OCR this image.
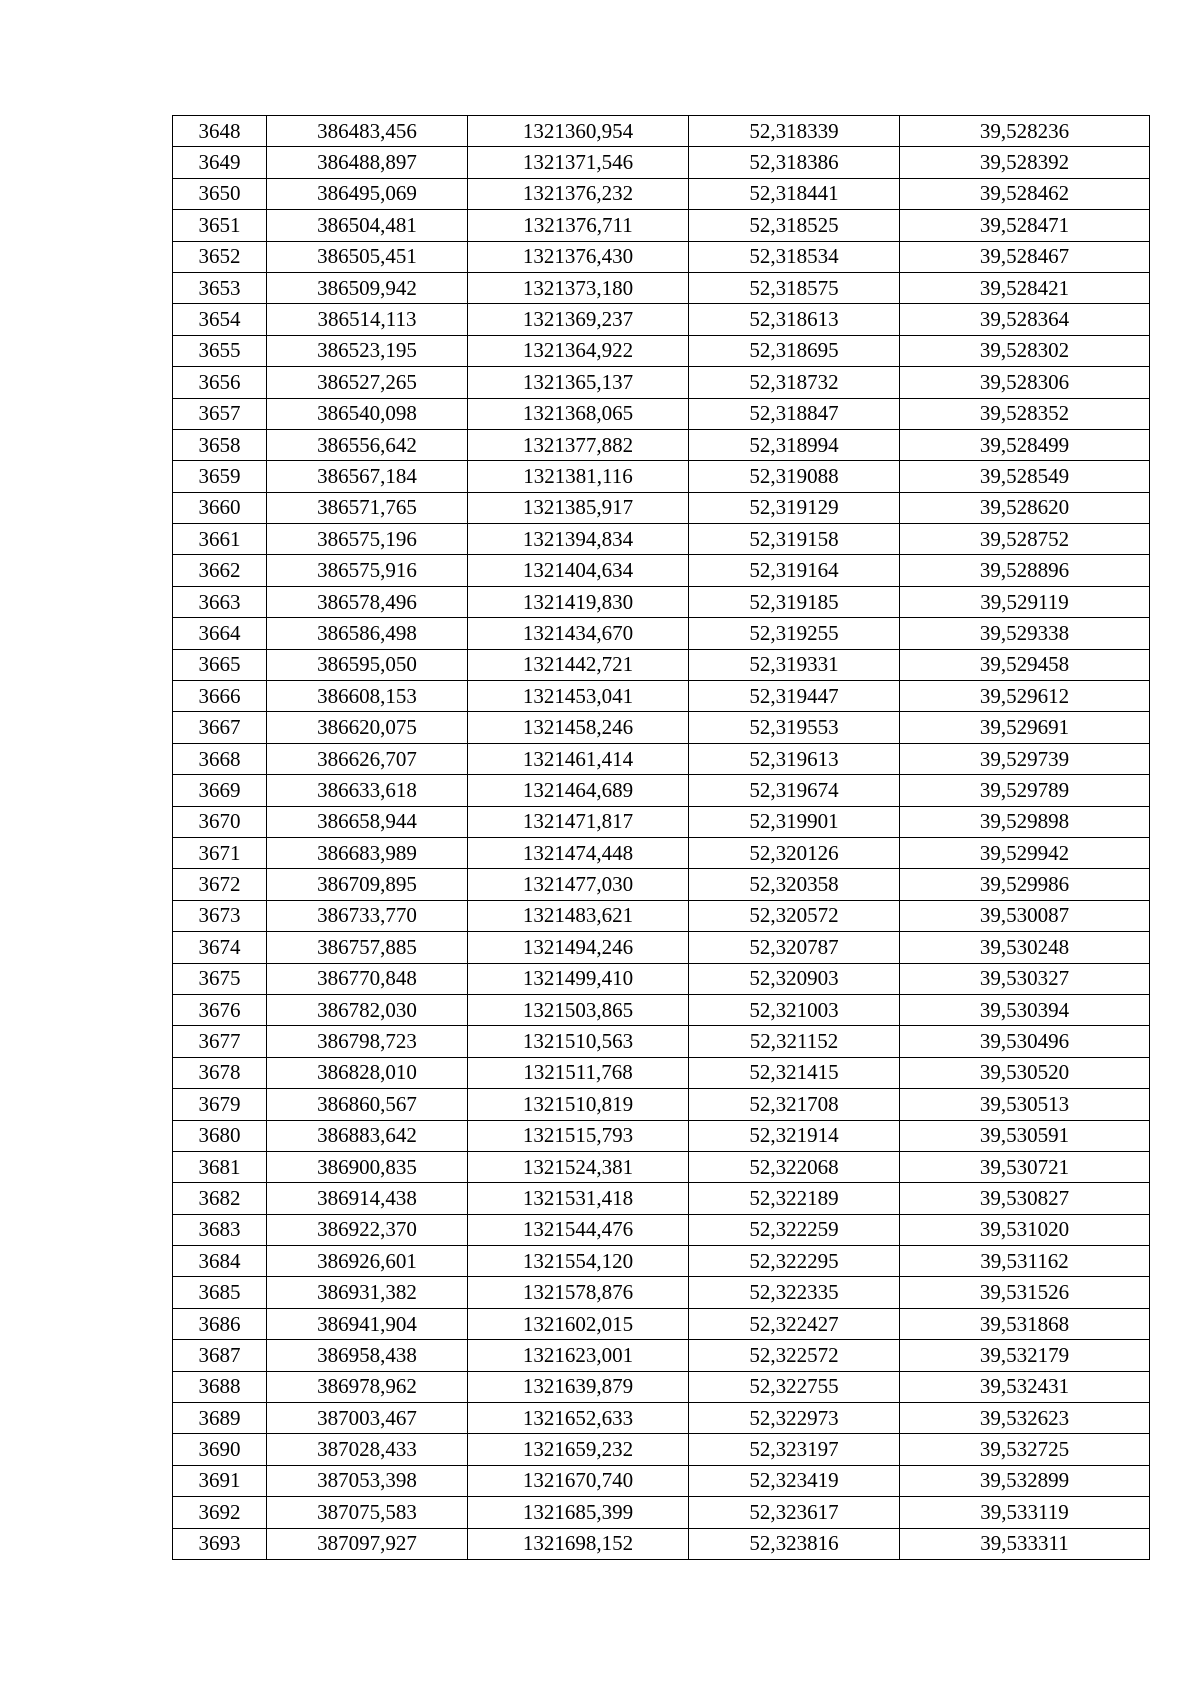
3648	386483,456	1321360,954	52,318339	39,528236
3649	386488,897	1321371,546	52,318386	39,528392
3650	386495,069	1321376,232	52,318441	39,528462
3651	386504,481	1321376,711	52,318525	39,528471
3652	386505,451	1321376,430	52,318534	39,528467
3653	386509,942	1321373,180	52,318575	39,528421
3654	386514,113	1321369,237	52,318613	39,528364
3655	386523,195	1321364,922	52,318695	39,528302
3656	386527,265	1321365,137	52,318732	39,528306
3657	386540,098	1321368,065	52,318847	39,528352
3658	386556,642	1321377,882	52,318994	39,528499
3659	386567,184	1321381,116	52,319088	39,528549
3660	386571,765	1321385,917	52,319129	39,528620
3661	386575,196	1321394,834	52,319158	39,528752
3662	386575,916	1321404,634	52,319164	39,528896
3663	386578,496	1321419,830	52,319185	39,529119
3664	386586,498	1321434,670	52,319255	39,529338
3665	386595,050	1321442,721	52,319331	39,529458
3666	386608,153	1321453,041	52,319447	39,529612
3667	386620,075	1321458,246	52,319553	39,529691
3668	386626,707	1321461,414	52,319613	39,529739
3669	386633,618	1321464,689	52,319674	39,529789
3670	386658,944	1321471,817	52,319901	39,529898
3671	386683,989	1321474,448	52,320126	39,529942
3672	386709,895	1321477,030	52,320358	39,529986
3673	386733,770	1321483,621	52,320572	39,530087
3674	386757,885	1321494,246	52,320787	39,530248
3675	386770,848	1321499,410	52,320903	39,530327
3676	386782,030	1321503,865	52,321003	39,530394
3677	386798,723	1321510,563	52,321152	39,530496
3678	386828,010	1321511,768	52,321415	39,530520
3679	386860,567	1321510,819	52,321708	39,530513
3680	386883,642	1321515,793	52,321914	39,530591
3681	386900,835	1321524,381	52,322068	39,530721
3682	386914,438	1321531,418	52,322189	39,530827
3683	386922,370	1321544,476	52,322259	39,531020
3684	386926,601	1321554,120	52,322295	39,531162
3685	386931,382	1321578,876	52,322335	39,531526
3686	386941,904	1321602,015	52,322427	39,531868
3687	386958,438	1321623,001	52,322572	39,532179
3688	386978,962	1321639,879	52,322755	39,532431
3689	387003,467	1321652,633	52,322973	39,532623
3690	387028,433	1321659,232	52,323197	39,532725
3691	387053,398	1321670,740	52,323419	39,532899
3692	387075,583	1321685,399	52,323617	39,533119
3693	387097,927	1321698,152	52,323816	39,533311
